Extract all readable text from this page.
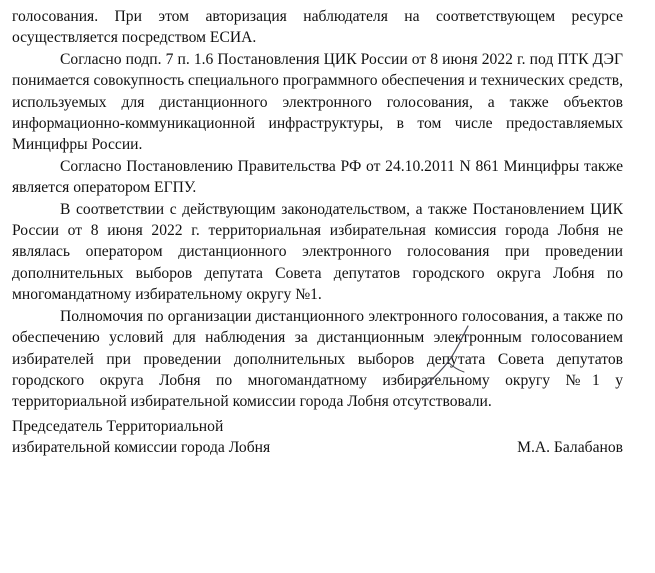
голосования. При этом авторизация наблюдателя на соответствующем ресурсе осуществляется посредством ЕСИА.

Согласно подп. 7 п. 1.6 Постановления ЦИК России от 8 июня 2022 г. под ПТК ДЭГ понимается совокупность специального программного обеспечения и технических средств, используемых для дистанционного электронного голосования, а также объектов информационно-коммуникационной инфраструктуры, в том числе предоставляемых Минцифры России.

Согласно Постановлению Правительства РФ от 24.10.2011 N 861 Минцифры также является оператором ЕГПУ.

В соответствии с действующим законодательством, а также Постановлением ЦИК России от 8 июня 2022 г. территориальная избирательная комиссия города Лобня не являлась оператором дистанционного электронного голосования при проведении дополнительных выборов депутата Совета депутатов городского округа Лобня по многомандатному избирательному округу №1.

Полномочия по организации дистанционного электронного голосования, а также по обеспечению условий для наблюдения за дистанционным электронным голосованием избирателей при проведении дополнительных выборов депутата Совета депутатов городского округа Лобня по многомандатному избирательному округу №1 у территориальной избирательной комиссии города Лобня отсутствовали.

Председатель Территориальной
избирательной комиссии города Лобня	М.А. Балабанов
